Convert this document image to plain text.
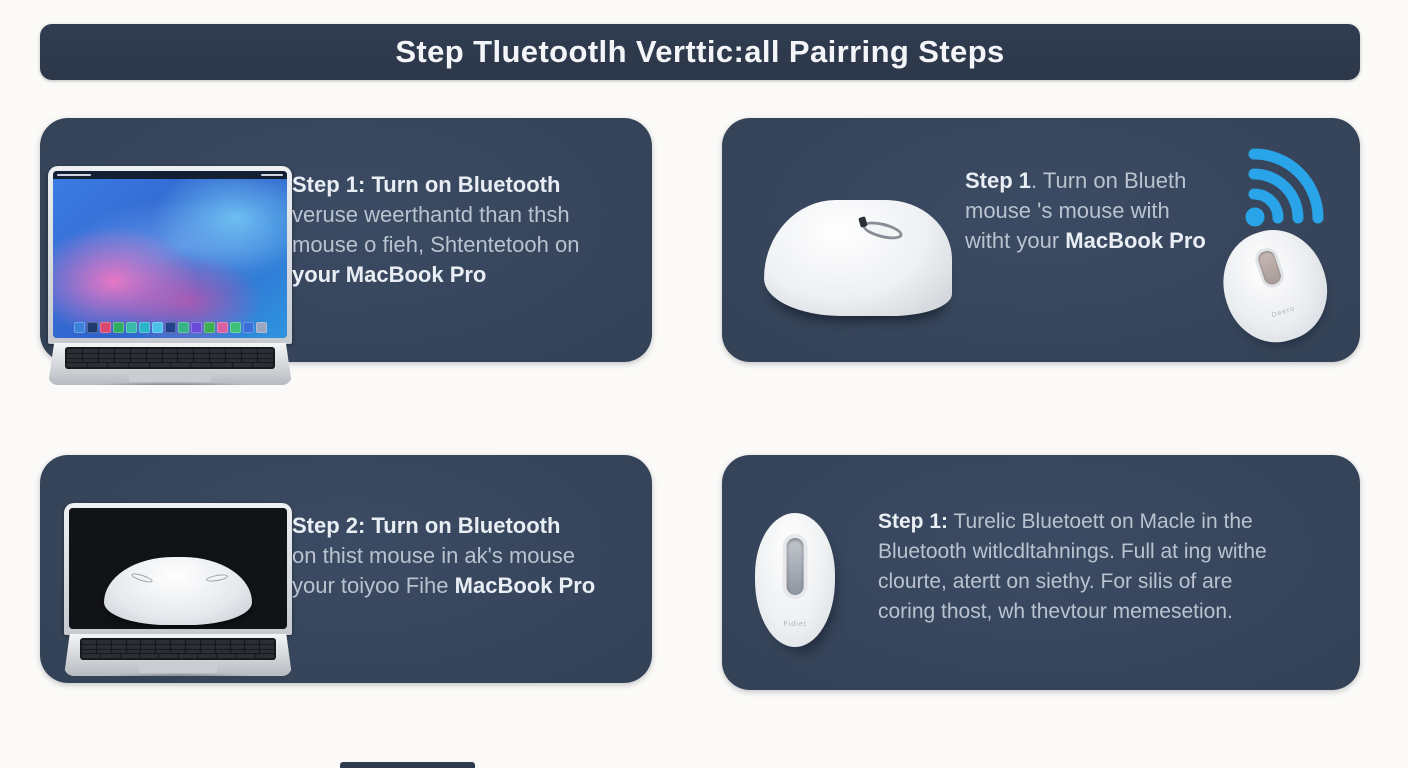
Step Tluetootlh Verttic:all Pairring Steps
Step 1: Turn on Bluetooth
veruse weerthantd than thsh
mouse o fieh, Shtentetooh on
your MacBook Pro
Step 1. Turn on Blueth
mouse 's mouse with
witht your MacBook Pro
Deero
Step 2: Turn on Bluetooth
on thist mouse in ak's mouse
your toiyoo Fihe MacBook Pro
Fidiet
Step 1: Turelic Bluetoett on Macle in the
Bluetooth witlcdltahnings. Full at ing withe
clourte, atertt on siethy. For silis of are
coring thost, wh thevtour memesetion.
